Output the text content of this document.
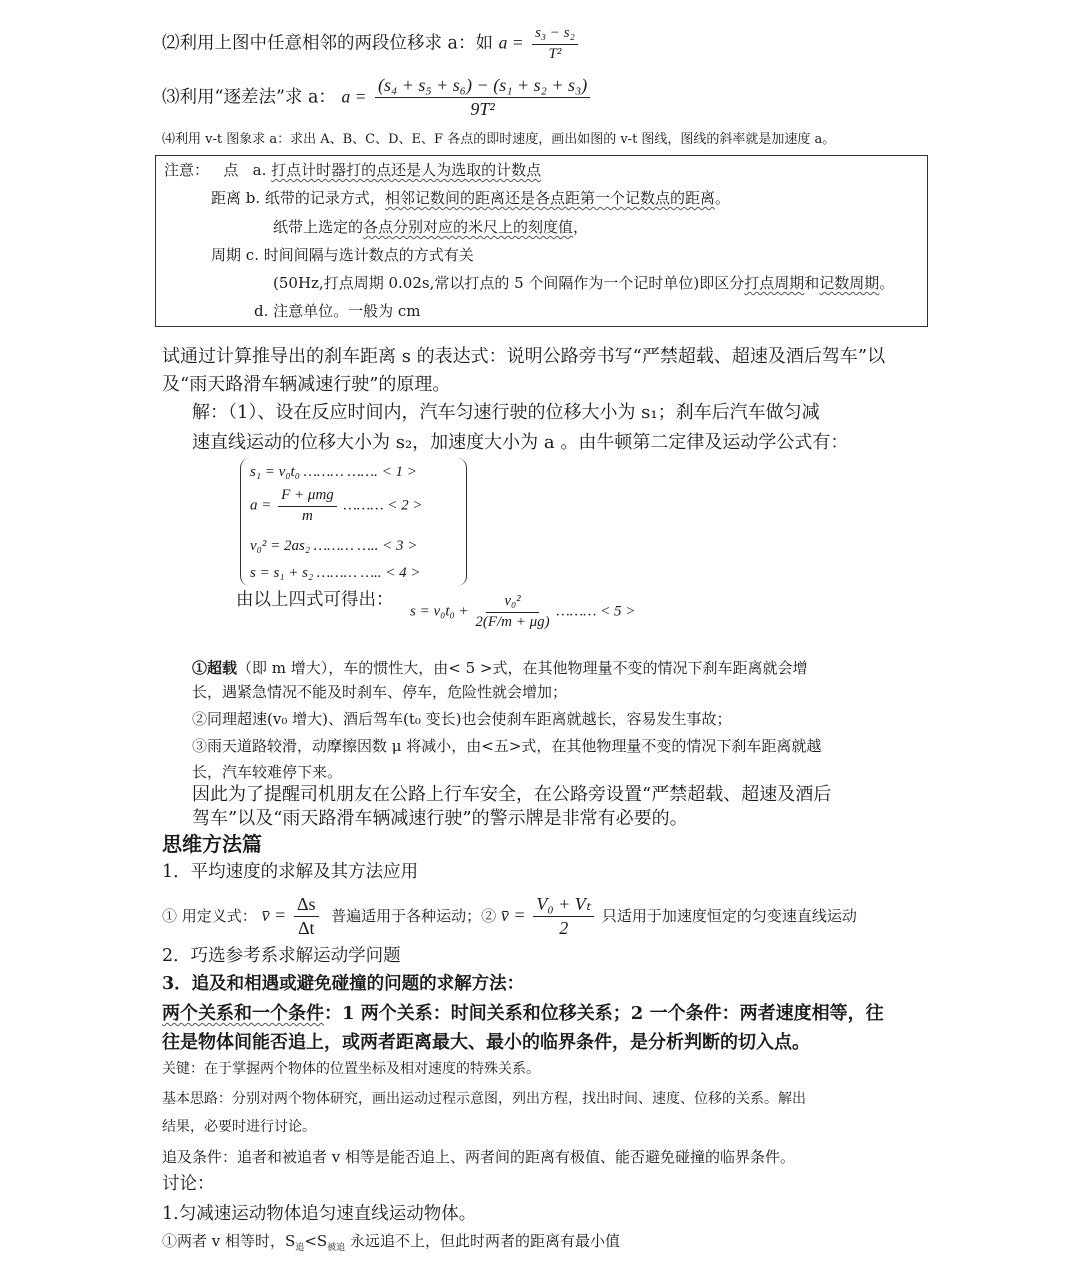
⑵利用上图中任意相邻的两段位移求 a：如 $a = \frac{\text{s₃ − s₂}}{\text{T²}}$
⑶利用“逐差法”求 a： $a = \frac{\text{(s₄ + s₅ + s₆) − (s₁ + s₂ + s₃)}}{\text{9T²}}$
⑷利用 v-t 图象求 a：求出 A、B、C、D、E、F 各点的即时速度，画出如图的 v-t 图线，图线的斜率就是加速度 a。
注意： 点 a. 打点计时器打的点还是人为选取的计数点
距离 b. 纸带的记录方式，相邻记数间的距离还是各点距第一个记数点的距离。
纸带上选定的各点分别对应的米尺上的刻度值，
周期 c. 时间间隔与选计数点的方式有关
(50Hz,打点周期 0.02s,常以打点的 5 个间隔作为一个记时单位)即区分打点周期和记数周期。
d. 注意单位。一般为 cm
试通过计算推导出的刹车距离 s 的表达式：说明公路旁书写“严禁超载、超速及酒后驾车”以
及“雨天路滑车辆减速行驶”的原理。
解：（1）、设在反应时间内，汽车匀速行驶的位移大小为 s₁；刹车后汽车做匀减
速直线运动的位移大小为 s₂，加速度大小为 a 。由牛顿第二定律及运动学公式有：
s₁ = v₀t₀ ……… ……. < 1 >
$a = \frac{\text{F + μmg}}{m}$ ……… < 2 >
v₀² = 2as₂ ……… ….. < 3 >
s = s₁ + s₂ ……… ….. < 4 >
由以上四式可得出：
$s = v_0t_0 + \frac{\text{v₀²}}{2(F/m + \mu g)}$ ……… < 5 >
①超载（即 m 增大），车的惯性大，由< 5 >式，在其他物理量不变的情况下刹车距离就会增
长，遇紧急情况不能及时刹车、停车，危险性就会增加；
②同理超速(v₀ 增大)、酒后驾车(t₀ 变长)也会使刹车距离就越长，容易发生事故；
③雨天道路较滑，动摩擦因数 μ 将减小，由<五>式，在其他物理量不变的情况下刹车距离就越
长，汽车较难停下来。
因此为了提醒司机朋友在公路上行车安全，在公路旁设置“严禁超载、超速及酒后
驾车”以及“雨天路滑车辆减速行驶”的警示牌是非常有必要的。
思维方法篇
1．平均速度的求解及其方法应用
① 用定义式： v̄ = $\frac{\Delta s}{\Delta t}$ 普遍适用于各种运动；② v̄ = $\frac{\text{V₀ + Vₜ}}{2}$ 只适用于加速度恒定的匀变速直线运动
2．巧选参考系求解运动学问题
3．追及和相遇或避免碰撞的问题的求解方法：
两个关系和一个条件：1 两个关系：时间关系和位移关系；2 一个条件：两者速度相等，往
往是物体间能否追上，或两者距离最大、最小的临界条件，是分析判断的切入点。
关键：在于掌握两个物体的位置坐标及相对速度的特殊关系。
基本思路：分别对两个物体研究，画出运动过程示意图，列出方程，找出时间、速度、位移的关系。解出
结果，必要时进行讨论。
追及条件：追者和被追者 v 相等是能否追上、两者间的距离有极值、能否避免碰撞的临界条件。
讨论：
1.匀减速运动物体追匀速直线运动物体。
①两者 v 相等时，$S_追<S_{被追}$ 永远追不上，但此时两者的距离有最小值
